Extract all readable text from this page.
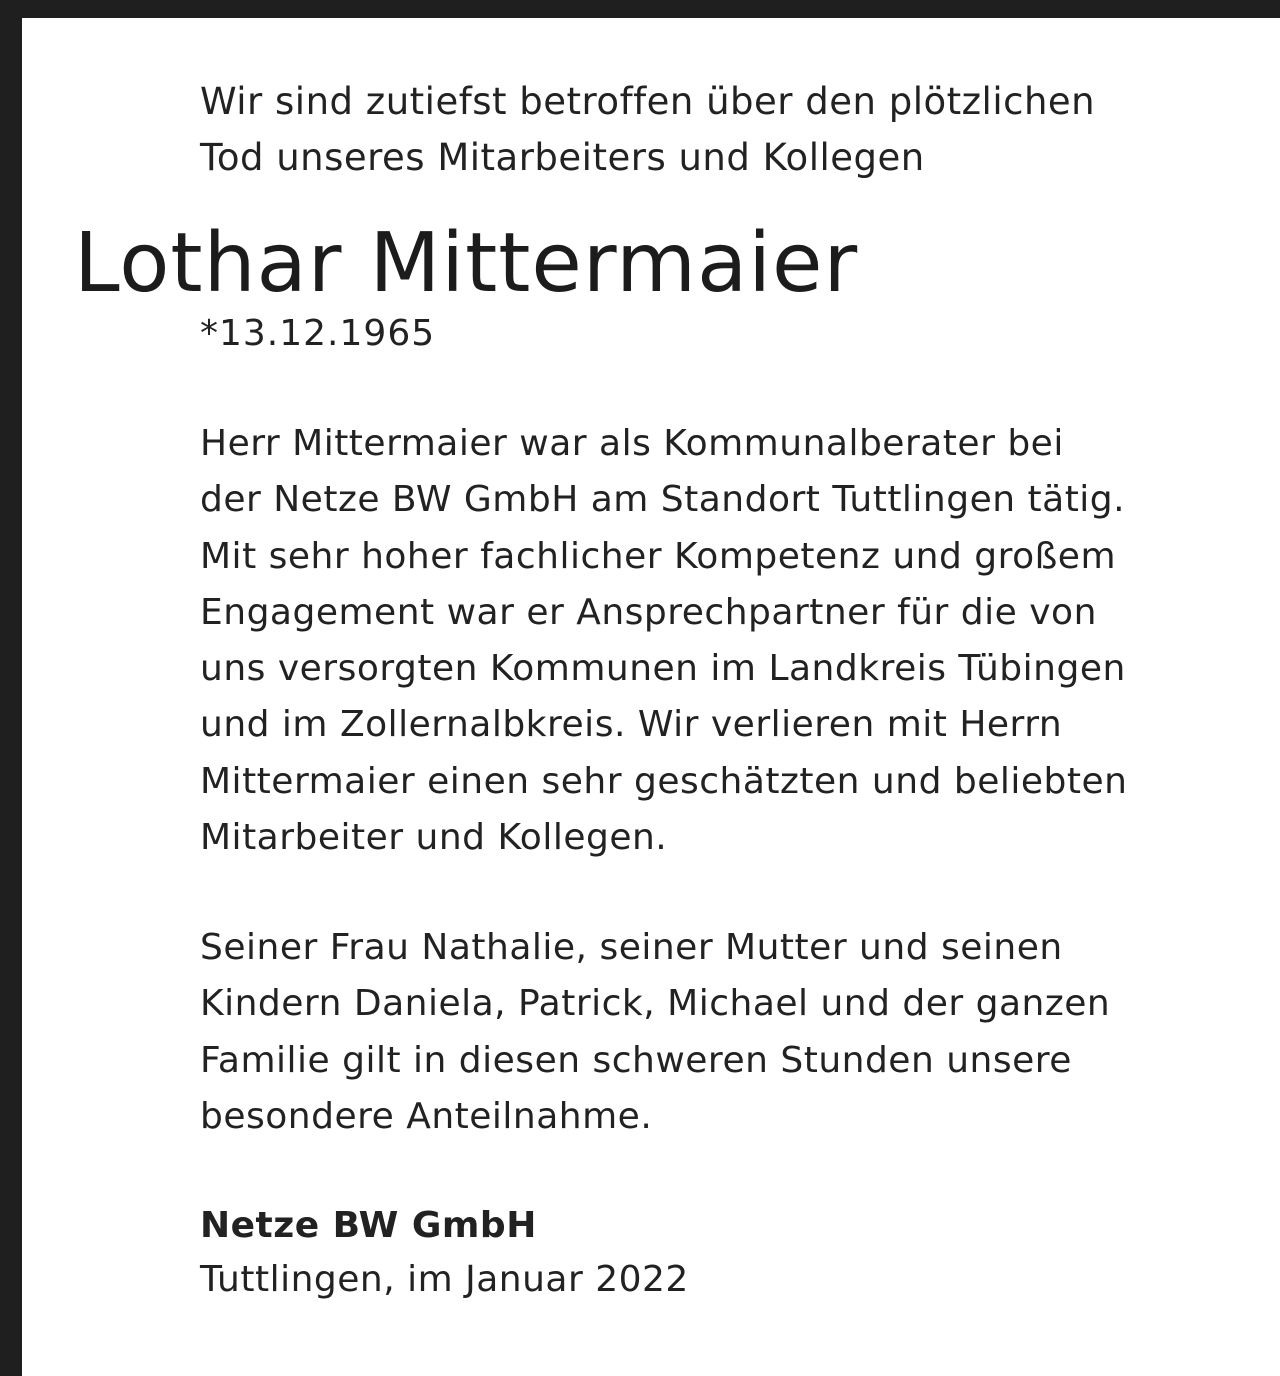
Wir sind zutiefst betroffen über den plötzlichen
Tod unseres Mitarbeiters und Kollegen

Lothar Mittermaier

*13.12.1965

Herr Mittermaier war als Kommunalberater bei
der Netze BW GmbH am Standort Tuttlingen tätig.
Mit sehr hoher fachlicher Kompetenz und großem
Engagement war er Ansprechpartner für die von
uns versorgten Kommunen im Landkreis Tübingen
und im Zollernalbkreis. Wir verlieren mit Herrn
Mittermaier einen sehr geschätzten und beliebten
Mitarbeiter und Kollegen.

Seiner Frau Nathalie, seiner Mutter und seinen
Kindern Daniela, Patrick, Michael und der ganzen
Familie gilt in diesen schweren Stunden unsere
besondere Anteilnahme.

Netze BW GmbH

Tuttlingen, im Januar 2022
